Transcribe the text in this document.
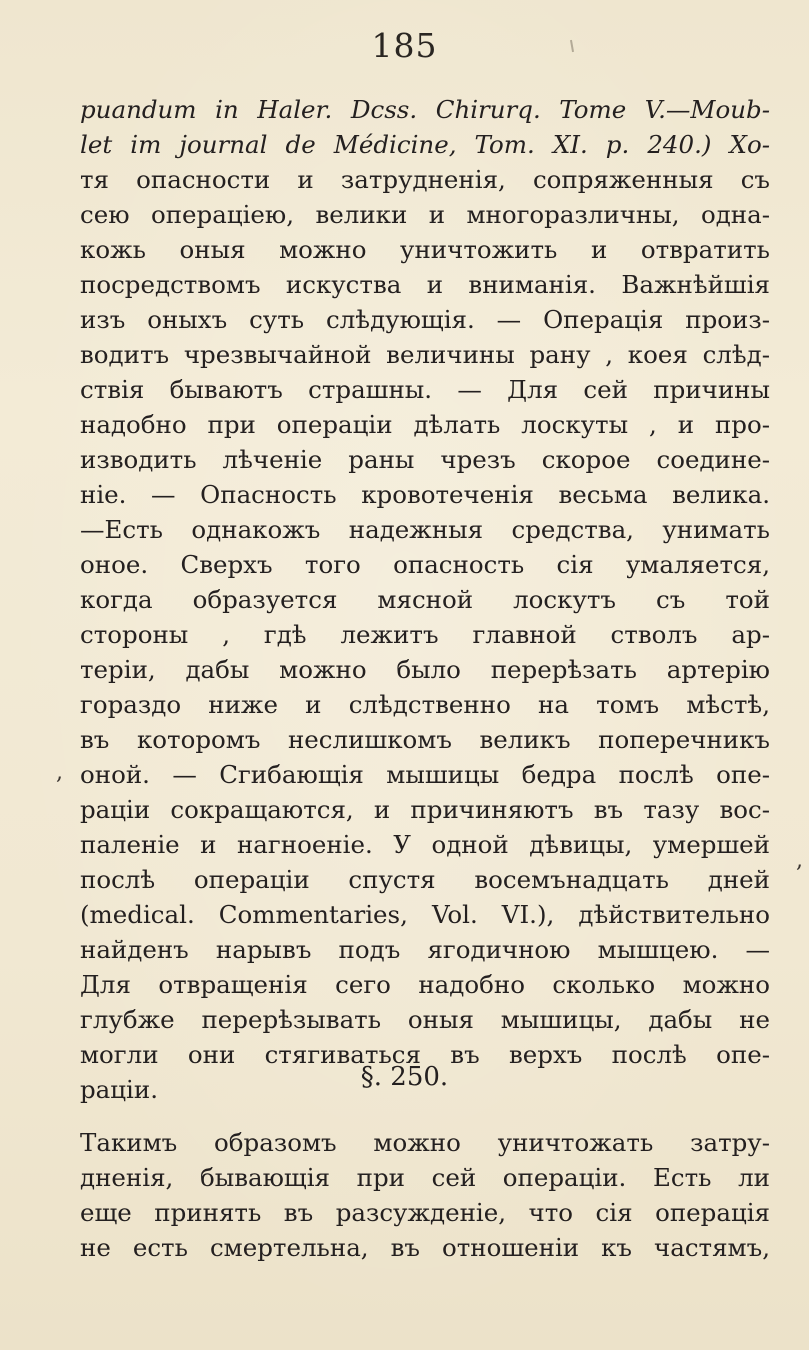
185
puandum in Haler. Dcss. Chirurq. Tome V.—Moub-
let im journal de Médicine, Tom. XI. p. 240.) Хо-
тя опасности и затрудненія, сопряженныя съ
сею операціею, велики и многоразличны, одна-
кожь оныя можно уничтожить и отвратить
посредствомъ искуства и вниманія. Важнѣйшія
изъ оныхъ суть слѣдующія. — Операція произ-
водитъ чрезвычайной величины рану , коея слѣд-
ствія бываютъ страшны. — Для сей причины
надобно при операціи дѣлать лоскуты , и про-
изводить лѣченіе раны чрезъ скорое соедине-
ніе. — Опасность кровотеченія весьма велика.
—Есть однакожъ надежныя средства, унимать
оное. Сверхъ того опасность сія умаляется,
когда образуется мясной лоскутъ съ той
стороны , гдѣ лежитъ главной стволъ ар-
теріи, дабы можно было перерѣзать артерію
гораздо ниже и слѣдственно на томъ мѣстѣ,
въ которомъ неслишкомъ великъ поперечникъ
оной. — Сгибающія мышицы бедра послѣ опе-
раціи сокращаются, и причиняютъ въ тазу вос-
паленіе и нагноеніе. У одной дѣвицы, умершей
послѣ операціи спустя восемънадцать дней
(medical. Commentaries, Vol. VI.), дѣйствительно
найденъ нарывъ подъ ягодичною мышцею. —
Для отвращенія сего надобно сколько можно
глубже перерѣзывать оныя мышицы, дабы не
могли они стягиваться въ верхъ послѣ опе-
раціи.
,
,
§. 250.
Такимъ образомъ можно уничтожать затру-
дненія, бывающія при сей операціи. Есть ли
еще принять въ разсужденіе, что сія операція
не есть смертельна, въ отношеніи къ частямъ,
